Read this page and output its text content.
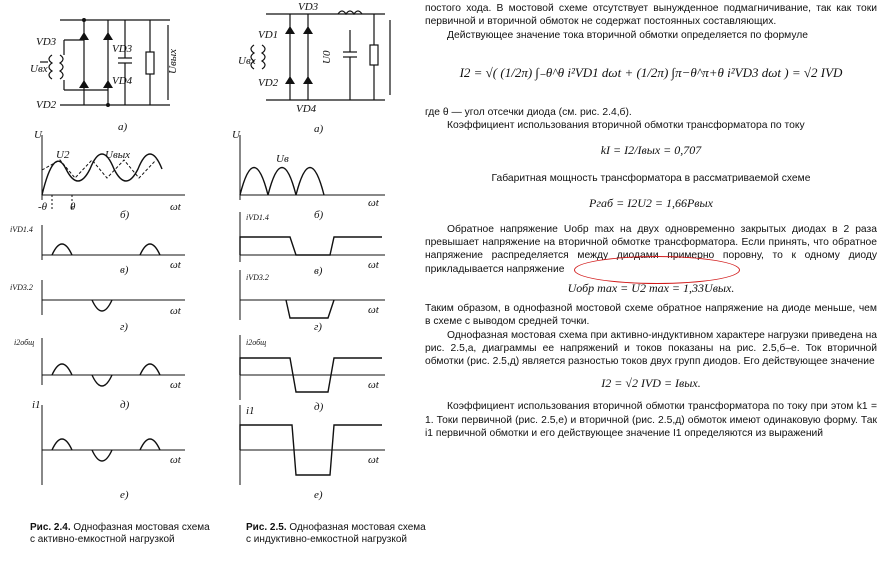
VD3
VD3
VD4
VD2
Uвх	Uвых
а)
U
U2	Uвых
-θ θ	ωt
б)
iVD1.4
ωt
в)
iVD3.2
ωt
г)
i2общ
ωt
д)
i1
ωt
е)
Рис. 2.4. Однофазная мостовая схема с активно-емкостной нагрузкой
VD3
VD1
VD2
VD4
Uвх	U0
а)
U
Uв
ωt
б)
iVD1.4
ωt
в)
iVD3.2
ωt
г)
i2общ
ωt
д)
i1
ωt
е)
Рис. 2.5. Однофазная мостовая схема с индуктивно-емкостной нагрузкой

постого хода. В мостовой схеме отсутствует вынужденное подмагничивание, так как токи первичной и вторичной обмоток не содержат постоянных составляющих.

Действующее значение тока вторичной обмотки определяется по формуле

I2 = √( (1/2π) ∫₋θ^θ i²VD1 dωt + (1/2π) ∫π−θ^π+θ i²VD3 dωt ) = √2 IVD

где θ — угол отсечки диода (см. рис. 2.4,б).

Коэффициент использования вторичной обмотки трансформатора по току

kI = I2/Iвых = 0,707

Габаритная мощность трансформатора в рассматриваемой схеме

Pгаб = I2U2 = 1,66Pвых

Обратное напряжение Uобр max на двух одновременно закрытых диодах в 2 раза превышает напряжение на вторичной обмотке трансформатора. Если принять, что обратное напряжение распределяется между диодами примерно поровну, то к одному диоду прикладывается напряжение

Uобр max = U2 max = 1,33Uвых.

Таким образом, в однофазной мостовой схеме обратное напряжение на диоде меньше, чем в схеме с выводом средней точки.

Однофазная мостовая схема при активно-индуктивном характере нагрузки приведена на рис. 2.5,а, диаграммы ее напряжений и токов показаны на рис. 2.5,б–е. Ток вторичной обмотки (рис. 2.5,д) является разностью токов двух групп диодов. Его действующее значение

I2 = √2 IVD = Iвых.

Коэффициент использования вторичной обмотки трансформатора по току при этом k1 = 1. Токи первичной (рис. 2.5,е) и вторичной (рис. 2.5,д) обмоток имеют одинаковую форму. Так i1 первичной обмотки и его действующее значение I1 определяются из выражений
